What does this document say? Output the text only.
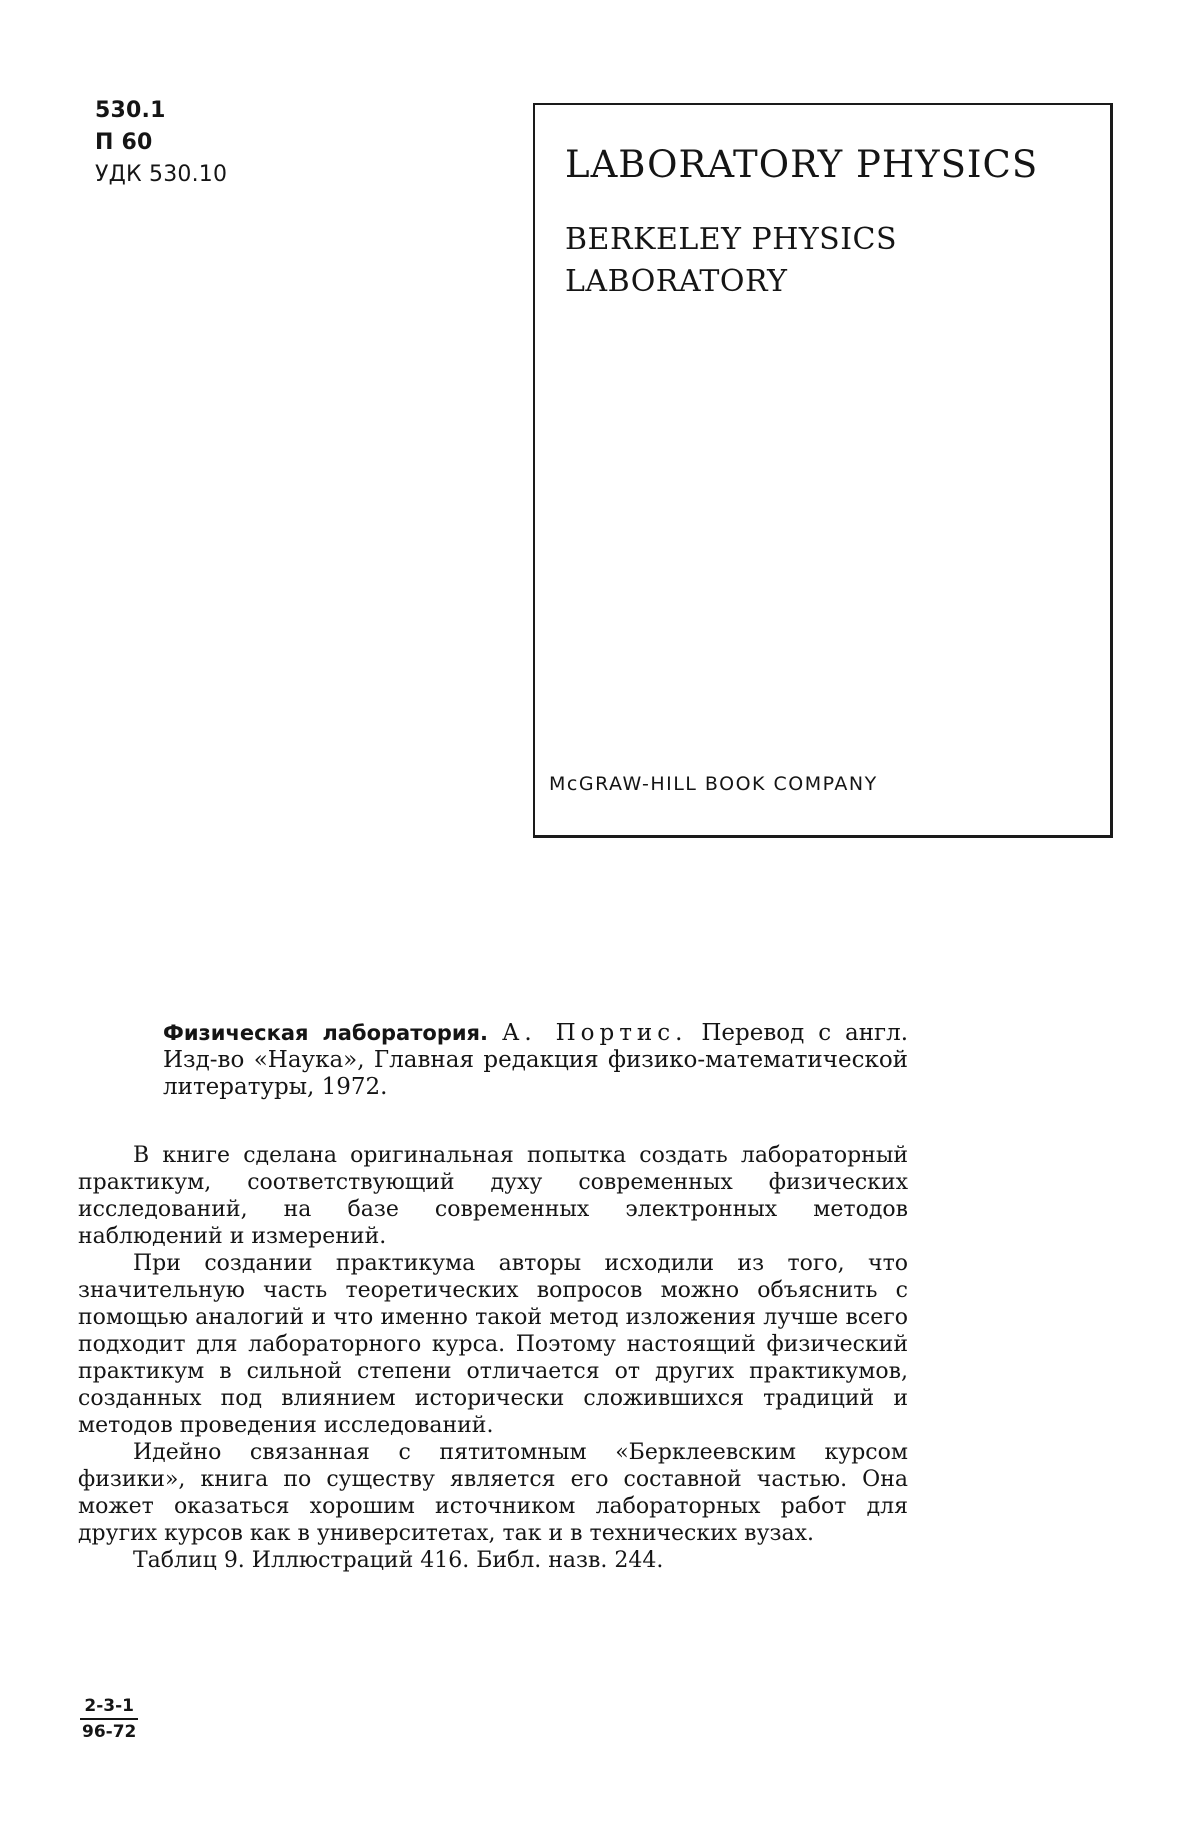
530.1
П 60
УДК 530.10	LABORATORY PHYSICS
BERKELEY PHYSICS
LABORATORY
McGRAW-HILL BOOK COMPANY
Физическая лаборатория. А. Портис. Перевод с англ. Изд-во «Наука», Главная редакция физико-математической литературы, 1972.

В книге сделана оригинальная попытка создать лабораторный практикум, соответствующий духу современных физических исследований, на базе современных электронных методов наблюдений и измерений.

При создании практикума авторы исходили из того, что значительную часть теоретических вопросов можно объяснить с помощью аналогий и что именно такой метод изложения лучше всего подходит для лабораторного курса. Поэтому настоящий физический практикум в сильной степени отличается от других практикумов, созданных под влиянием исторически сложившихся традиций и методов проведения исследований.

Идейно связанная с пятитомным «Берклеевским курсом физики», книга по существу является его составной частью. Она может оказаться хорошим источником лабораторных работ для других курсов как в университетах, так и в технических вузах.

Таблиц 9. Иллюстраций 416. Библ. назв. 244.

$\frac{2-3-1}{96-72}$
